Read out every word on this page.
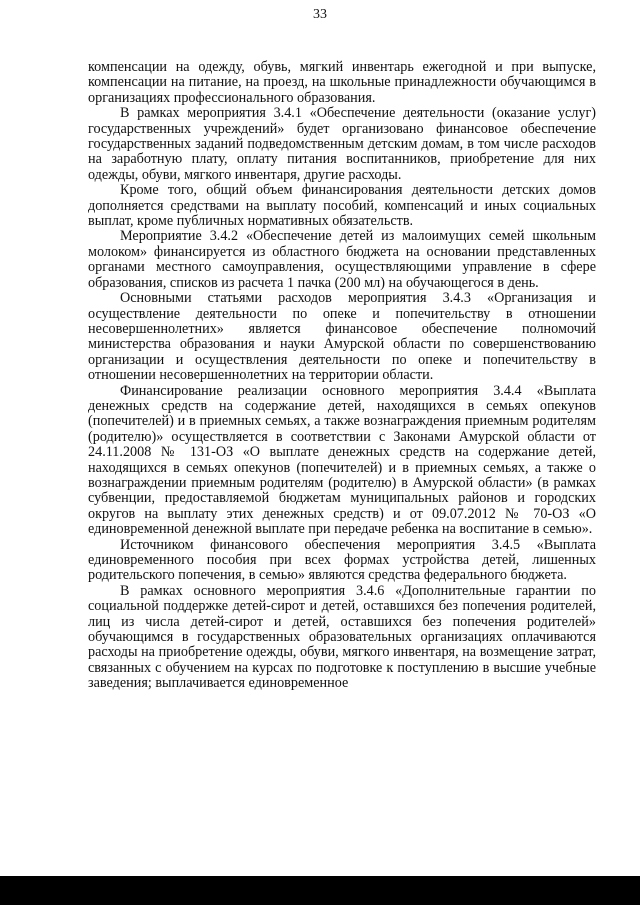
33

компенсации на одежду, обувь, мягкий инвентарь ежегодной и при выпуске, компенсации на питание, на проезд, на школьные принадлежности обучающимся в организациях профессионального образования.

В рамках мероприятия 3.4.1 «Обеспечение деятельности (оказание услуг) государственных учреждений» будет организовано финансовое обеспечение государственных заданий подведомственным детским домам, в том числе расходов на заработную плату, оплату питания воспитанников, приобретение для них одежды, обуви, мягкого инвентаря, другие расходы.

Кроме того, общий объем финансирования деятельности детских домов дополняется средствами на выплату пособий, компенсаций и иных социальных выплат, кроме публичных нормативных обязательств.

Мероприятие 3.4.2 «Обеспечение детей из малоимущих семей школьным молоком» финансируется из областного бюджета на основании представленных органами местного самоуправления, осуществляющими управление в сфере образования, списков из расчета 1 пачка (200 мл) на обучающегося в день.

Основными статьями расходов мероприятия 3.4.3 «Организация и осуществление деятельности по опеке и попечительству в отношении несовершеннолетних» является финансовое обеспечение полномочий министерства образования и науки Амурской области по совершенствованию организации и осуществления деятельности по опеке и попечительству в отношении несовершеннолетних на территории области.

Финансирование реализации основного мероприятия 3.4.4 «Выплата денежных средств на содержание детей, находящихся в семьях опекунов (попечителей) и в приемных семьях, а также вознаграждения приемным родителям (родителю)» осуществляется в соответствии с Законами Амурской области от 24.11.2008 № 131-ОЗ «О выплате денежных средств на содержание детей, находящихся в семьях опекунов (попечителей) и в приемных семьях, а также о вознаграждении приемным родителям (родителю) в Амурской области» (в рамках субвенции, предоставляемой бюджетам муниципальных районов и городских округов на выплату этих денежных средств) и от 09.07.2012 № 70-ОЗ «О единовременной денежной выплате при передаче ребенка на воспитание в семью».

Источником финансового обеспечения мероприятия 3.4.5 «Выплата единовременного пособия при всех формах устройства детей, лишенных родительского попечения, в семью» являются средства федерального бюджета.

В рамках основного мероприятия 3.4.6 «Дополнительные гарантии по социальной поддержке детей-сирот и детей, оставшихся без попечения родителей, лиц из числа детей-сирот и детей, оставшихся без попечения родителей» обучающимся в государственных образовательных организациях оплачиваются расходы на приобретение одежды, обуви, мягкого инвентаря, на возмещение затрат, связанных с обучением на курсах по подготовке к поступлению в высшие учебные заведения; выплачивается единовременное
